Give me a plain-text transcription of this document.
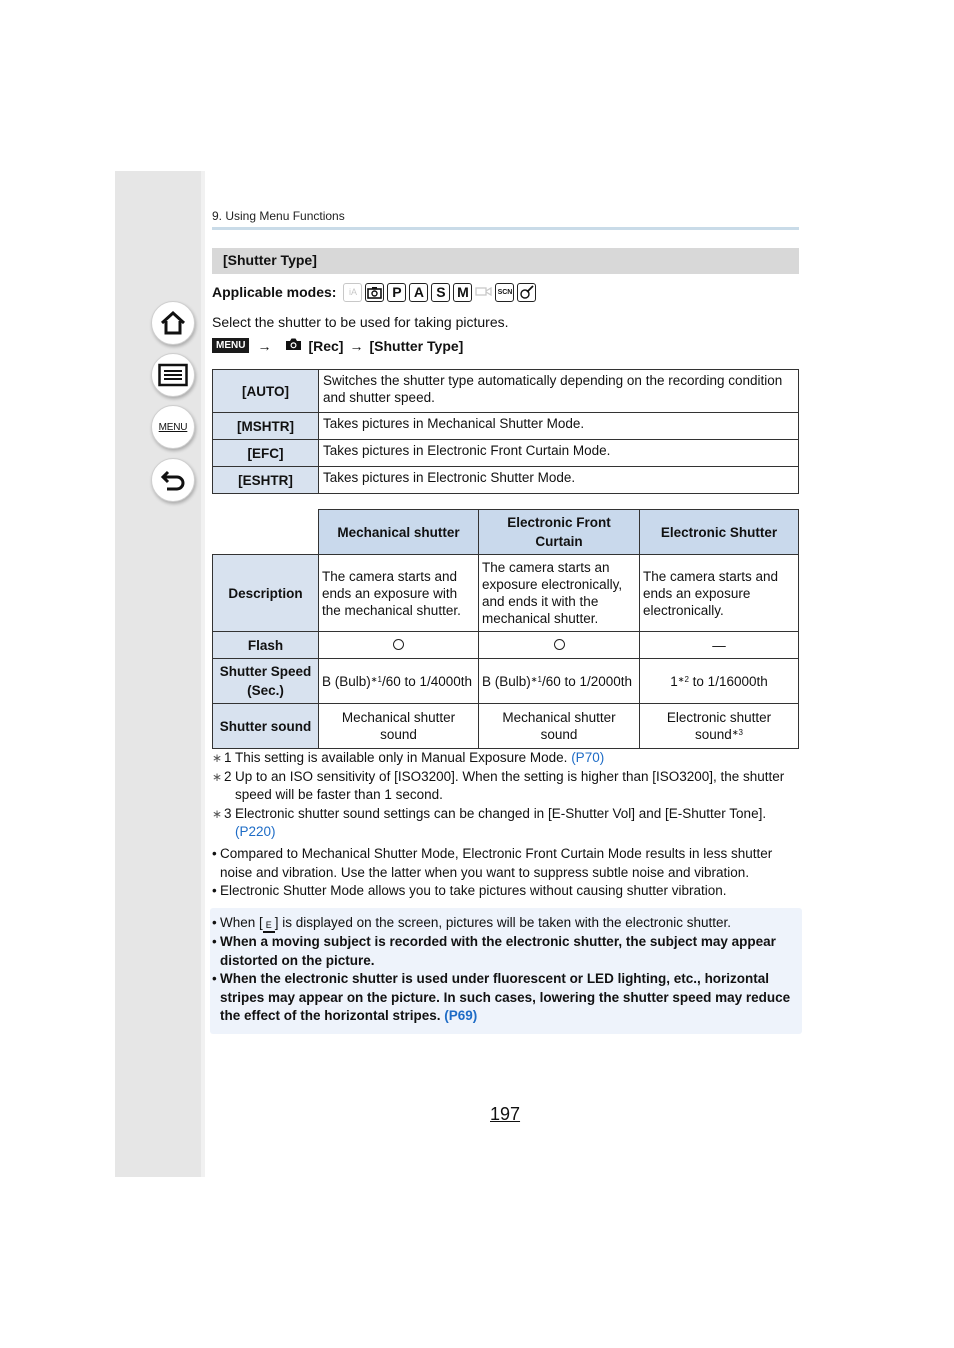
MENU
9. Using Menu Functions
[Shutter Type]
Applicable modes:	iA	P A S M	SCN
Select the shutter to be used for taking pictures.
MENU →	[Rec] → [Shutter Type]
[AUTO]	Switches the shutter type automatically depending on the recording condition and shutter speed.
[MSHTR]	Takes pictures in Mechanical Shutter Mode.
[EFC]	Takes pictures in Electronic Front Curtain Mode.
[ESHTR]	Takes pictures in Electronic Shutter Mode.
	Mechanical shutter	Electronic Front Curtain	Electronic Shutter
Description	The camera starts and ends an exposure with the mechanical shutter.	The camera starts an exposure electronically, and ends it with the mechanical shutter.	The camera starts and ends an exposure electronically.
Flash			—
Shutter Speed (Sec.)	B (Bulb)$^{∗1}$/60 to 1/4000th	B (Bulb)$^{∗1}$/60 to 1/2000th	$1^{∗2}$ to 1/16000th
Shutter sound	Mechanical shutter sound	Mechanical shutter sound	Electronic shutter sound$^{∗3}$
∗ 1 This setting is available only in Manual Exposure Mode. (P70)
∗ 2 Up to an ISO sensitivity of [ISO3200]. When the setting is higher than [ISO3200], the shutter speed will be faster than 1 second.
∗ 3 Electronic shutter sound settings can be changed in [E-Shutter Vol] and [E-Shutter Tone]. (P220)
• Compared to Mechanical Shutter Mode, Electronic Front Curtain Mode results in less shutter noise and vibration. Use the latter when you want to suppress subtle noise and vibration.
• Electronic Shutter Mode allows you to take pictures without causing shutter vibration.
• When [ E ] is displayed on the screen, pictures will be taken with the electronic shutter.
• When a moving subject is recorded with the electronic shutter, the subject may appear distorted on the picture.
• When the electronic shutter is used under fluorescent or LED lighting, etc., horizontal stripes may appear on the picture. In such cases, lowering the shutter speed may reduce the effect of the horizontal stripes. (P69)
197
